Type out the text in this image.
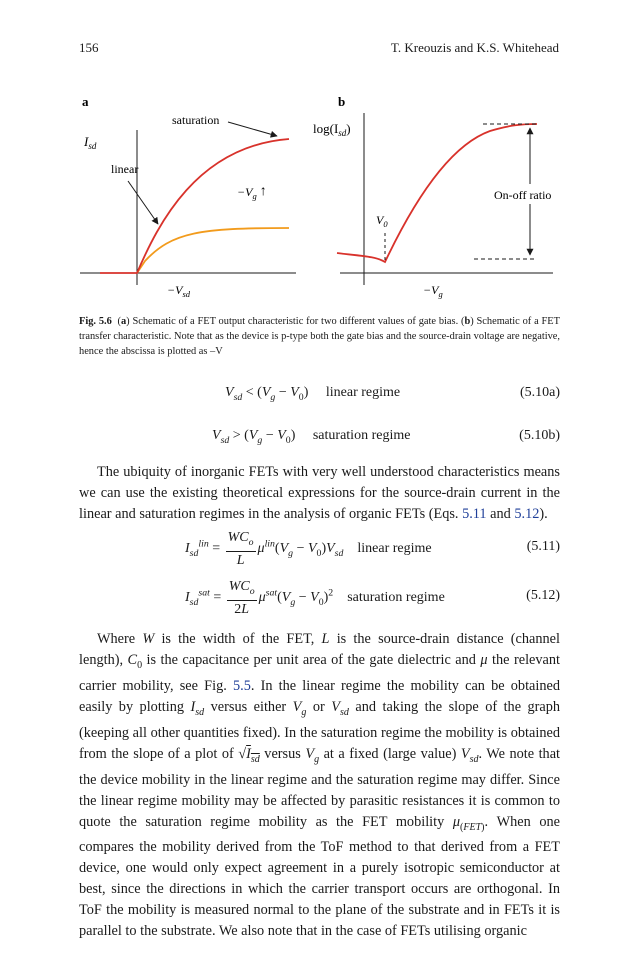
156	T. Kreouzis and K.S. Whitehead
a
$I_{sd}$
$-V_{sd}$
saturation
linear
$-V_g$ ↑
b
$\log(I_{sd})$
$-V_g$
$V_0$
On-off ratio
Fig. 5.6  (a) Schematic of a FET output characteristic for two different values of gate bias. (b) Schematic of a FET transfer characteristic. Note that as the device is p-type both the gate bias and the source-drain voltage are negative, hence the abscissa is plotted as –V
$V_{sd} < (V_g - V_0)$     linear regime	(5.10a)
$V_{sd} > (V_g - V_0)$     saturation regime	(5.10b)
The ubiquity of inorganic FETs with very well understood characteristics means we can use the existing theoretical expressions for the source-drain current in the linear and saturation regimes in the analysis of organic FETs (Eqs. 5.11 and 5.12).
$I_{sd}^{lin} = \frac{WC_o}{L} \mu^{lin}(V_g - V_0)V_{sd}$ linear regime	(5.11)
$I_{sd}^{sat} = \frac{WC_o}{2L} \mu^{sat}(V_g - V_0)^2$ saturation regime	(5.12)
Where W is the width of the FET, L is the source-drain distance (channel length), $C_0$ is the capacitance per unit area of the gate dielectric and μ the relevant carrier mobility, see Fig. 5.5. In the linear regime the mobility can be obtained easily by plotting $I_{sd}$ versus either $V_g$ or $V_{sd}$ and taking the slope of the graph (keeping all other quantities fixed). In the saturation regime the mobility is obtained from the slope of a plot of $√I_{sd}$ versus $V_g$ at a fixed (large value) $V_{sd}$. We note that the device mobility in the linear regime and the saturation regime may differ. Since the linear regime mobility may be affected by parasitic resistances it is common to quote the saturation regime mobility as the FET mobility $\mu_{(FET)}$. When one compares the mobility derived from the ToF method to that derived from a FET device, one would only expect agreement in a purely isotropic semiconductor at best, since the directions in which the carrier transport occurs are orthogonal. In ToF the mobility is measured normal to the plane of the substrate and in FETs it is parallel to the substrate. We also note that in the case of FETs utilising organic
